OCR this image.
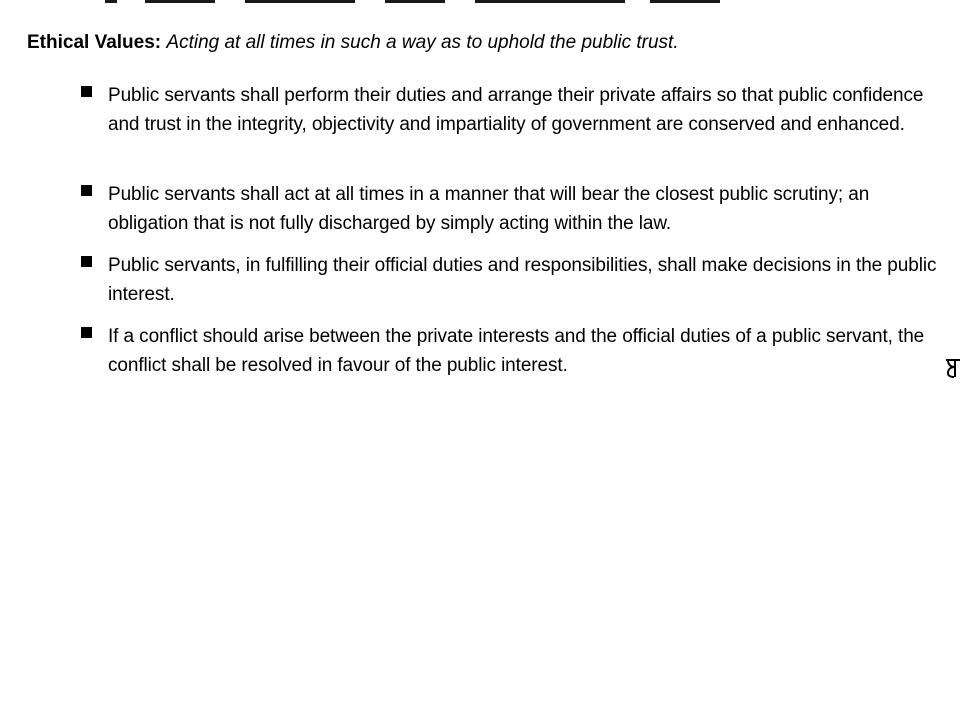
Ethical Values: Acting at all times in such a way as to uphold the public trust.
Public servants shall perform their duties and arrange their private affairs so that public confidence and trust in the integrity, objectivity and impartiality of government are conserved and enhanced.
Public servants shall act at all times in a manner that will bear the closest public scrutiny; an obligation that is not fully discharged by simply acting within the law.
Public servants, in fulfilling their official duties and responsibilities, shall make decisions in the public interest.
If a conflict should arise between the private interests and the official duties of a public servant, the conflict shall be resolved in favour of the public interest.
